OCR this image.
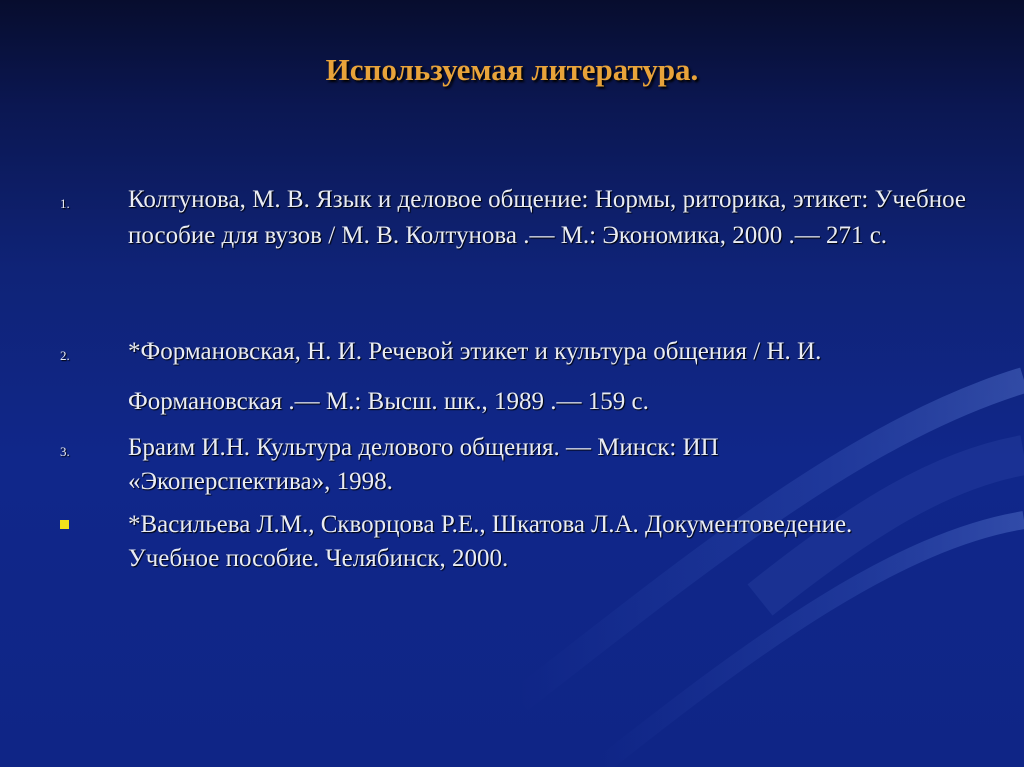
Используемая литература.
1. Колтунова, М. В. Язык и деловое общение: Нормы, риторика, этикет: Учебное пособие для вузов / М. В. Колтунова .— М.: Экономика, 2000 .— 271 с.
2. *Формановская, Н. И. Речевой этикет и культура общения / Н. И.
Формановская .— М.: Высш. шк., 1989 .— 159 с.
3. Браим И.Н. Культура делового общения. — Минск: ИП
«Экоперспектива», 1998.
*Васильева Л.М., Скворцова Р.Е., Шкатова Л.А. Документоведение.
Учебное пособие. Челябинск, 2000.
